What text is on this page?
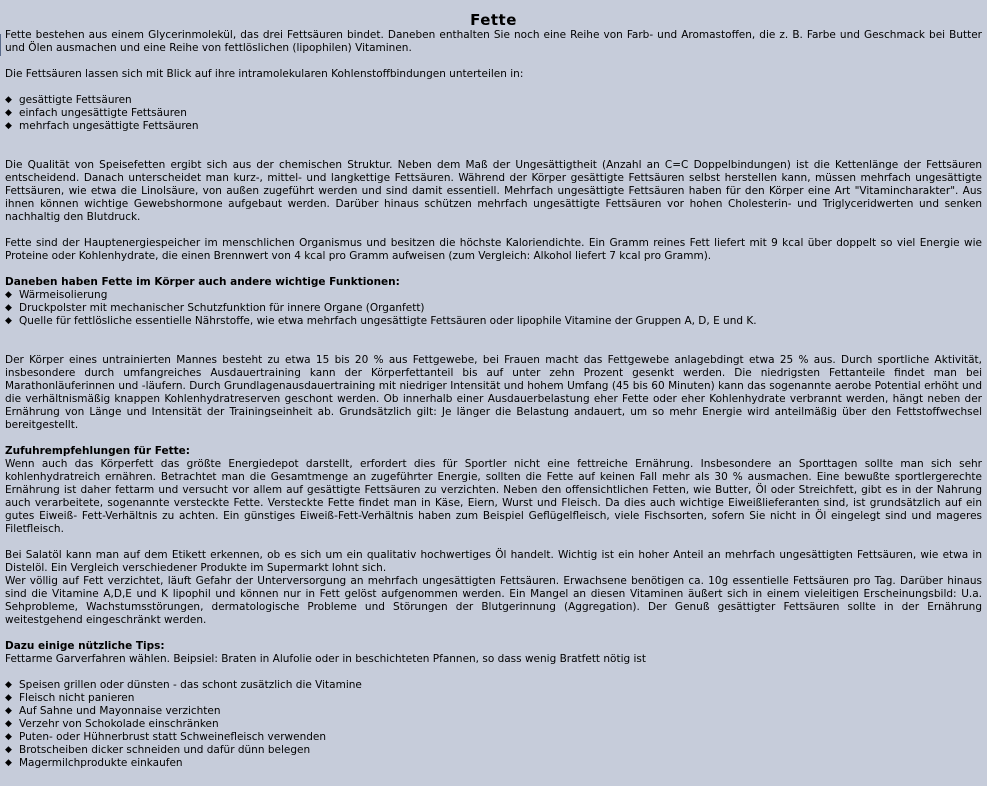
Fette

Fette bestehen aus einem Glycerinmolekül, das drei Fettsäuren bindet. Daneben enthalten Sie noch eine Reihe von Farb- und Aromastoffen, die z. B. Farbe und Geschmack bei Butter und Ölen ausmachen und eine Reihe von fettlöslichen (lipophilen) Vitaminen.

Die Fettsäuren lassen sich mit Blick auf ihre intramolekularen Kohlenstoffbindungen unterteilen in:

◆ gesättigte Fettsäuren
◆ einfach ungesättigte Fettsäuren
◆ mehrfach ungesättigte Fettsäuren

Die Qualität von Speisefetten ergibt sich aus der chemischen Struktur. Neben dem Maß der Ungesättigtheit (Anzahl an C=C Doppelbindungen) ist die Kettenlänge der Fettsäuren entscheidend. Danach unterscheidet man kurz-, mittel- und langkettige Fettsäuren. Während der Körper gesättigte Fettsäuren selbst herstellen kann, müssen mehrfach ungesättigte Fettsäuren, wie etwa die Linolsäure, von außen zugeführt werden und sind damit essentiell. Mehrfach ungesättigte Fettsäuren haben für den Körper eine Art "Vitamincharakter". Aus ihnen können wichtige Gewebshormone aufgebaut werden. Darüber hinaus schützen mehrfach ungesättigte Fettsäuren vor hohen Cholesterin- und Triglyceridwerten und senken nachhaltig den Blutdruck.

Fette sind der Hauptenergiespeicher im menschlichen Organismus und besitzen die höchste Kaloriendichte. Ein Gramm reines Fett liefert mit 9 kcal über doppelt so viel Energie wie Proteine oder Kohlenhydrate, die einen Brennwert von 4 kcal pro Gramm aufweisen (zum Vergleich: Alkohol liefert 7 kcal pro Gramm).

Daneben haben Fette im Körper auch andere wichtige Funktionen:
◆ Wärmeisolierung
◆ Druckpolster mit mechanischer Schutzfunktion für innere Organe (Organfett)
◆ Quelle für fettlösliche essentielle Nährstoffe, wie etwa mehrfach ungesättigte Fettsäuren oder lipophile Vitamine der Gruppen A, D, E und K.

Der Körper eines untrainierten Mannes besteht zu etwa 15 bis 20 % aus Fettgewebe, bei Frauen macht das Fettgewebe anlagebdingt etwa 25 % aus. Durch sportliche Aktivität, insbesondere durch umfangreiches Ausdauertraining kann der Körperfettanteil bis auf unter zehn Prozent gesenkt werden. Die niedrigsten Fettanteile findet man bei Marathonläuferinnen und -läufern. Durch Grundlagenausdauertraining mit niedriger Intensität und hohem Umfang (45 bis 60 Minuten) kann das sogenannte aerobe Potential erhöht und die verhältnismäßig knappen Kohlenhydratreserven geschont werden. Ob innerhalb einer Ausdauerbelastung eher Fette oder eher Kohlenhydrate verbrannt werden, hängt neben der Ernährung von Länge und Intensität der Trainingseinheit ab. Grundsätzlich gilt: Je länger die Belastung andauert, um so mehr Energie wird anteilmäßig über den Fettstoffwechsel bereitgestellt.

Zufuhrempfehlungen für Fette:

Wenn auch das Körperfett das größte Energiedepot darstellt, erfordert dies für Sportler nicht eine fettreiche Ernährung. Insbesondere an Sporttagen sollte man sich sehr kohlenhydratreich ernähren. Betrachtet man die Gesamtmenge an zugeführter Energie, sollten die Fette auf keinen Fall mehr als 30 % ausmachen. Eine bewußte sportlergerechte Ernährung ist daher fettarm und versucht vor allem auf gesättigte Fettsäuren zu verzichten. Neben den offensichtlichen Fetten, wie Butter, Öl oder Streichfett, gibt es in der Nahrung auch verarbeitete, sogenannte versteckte Fette. Versteckte Fette findet man in Käse, Eiern, Wurst und Fleisch. Da dies auch wichtige Eiweißlieferanten sind, ist grundsätzlich auf ein gutes Eiweiß- Fett-Verhältnis zu achten. Ein günstiges Eiweiß-Fett-Verhältnis haben zum Beispiel Geflügelfleisch, viele Fischsorten, sofern Sie nicht in Öl eingelegt sind und mageres Filetfleisch.

Bei Salatöl kann man auf dem Etikett erkennen, ob es sich um ein qualitativ hochwertiges Öl handelt. Wichtig ist ein hoher Anteil an mehrfach ungesättigten Fettsäuren, wie etwa in Distelöl. Ein Vergleich verschiedener Produkte im Supermarkt lohnt sich.

Wer völlig auf Fett verzichtet, läuft Gefahr der Unterversorgung an mehrfach ungesättigten Fettsäuren. Erwachsene benötigen ca. 10g essentielle Fettsäuren pro Tag. Darüber hinaus sind die Vitamine A,D,E und K lipophil und können nur in Fett gelöst aufgenommen werden. Ein Mangel an diesen Vitaminen äußert sich in einem vieleitigen Erscheinungsbild: U.a. Sehprobleme, Wachstumsstörungen, dermatologische Probleme und Störungen der Blutgerinnung (Aggregation). Der Genuß gesättigter Fettsäuren sollte in der Ernährung weitestgehend eingeschränkt werden.

Dazu einige nützliche Tips:

Fettarme Garverfahren wählen. Beipsiel: Braten in Alufolie oder in beschichteten Pfannen, so dass wenig Bratfett nötig ist

◆ Speisen grillen oder dünsten - das schont zusätzlich die Vitamine
◆ Fleisch nicht panieren
◆ Auf Sahne und Mayonnaise verzichten
◆ Verzehr von Schokolade einschränken
◆ Puten- oder Hühnerbrust statt Schweinefleisch verwenden
◆ Brotscheiben dicker schneiden und dafür dünn belegen
◆ Magermilchprodukte einkaufen
